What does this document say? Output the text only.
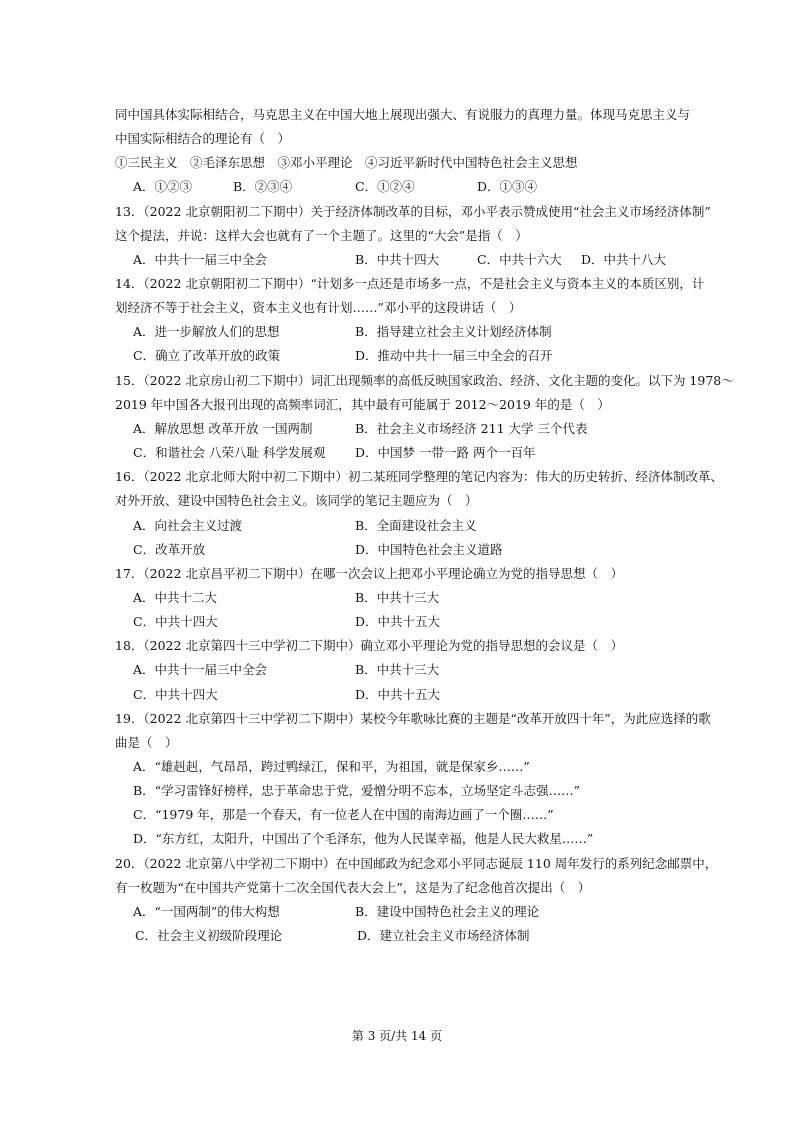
同中国具体实际相结合，马克思主义在中国大地上展现出强大、有说服力的真理力量。体现马克思主义与
中国实际相结合的理论有（　）
①三民主义　②毛泽东思想　③邓小平理论　④习近平新时代中国特色社会主义思想
A．①②③	B．②③④	C．①②④	D．①③④
13．（2022 北京朝阳初二下期中）关于经济体制改革的目标，邓小平表示赞成使用“社会主义市场经济体制”
这个提法，并说：这样大会也就有了一个主题了。这里的“大会”是指（　）
A．中共十一届三中全会	B．中共十四大	C．中共十六大 D．中共十八大
14．（2022 北京朝阳初二下期中）“计划多一点还是市场多一点，不是社会主义与资本主义的本质区别，计
划经济不等于社会主义，资本主义也有计划……”邓小平的这段讲话（　）
A．进一步解放人们的思想	B．指导建立社会主义计划经济体制
C．确立了改革开放的政策	D．推动中共十一届三中全会的召开
15．（2022 北京房山初二下期中）词汇出现频率的高低反映国家政治、经济、文化主题的变化。以下为 1978～
2019 年中国各大报刊出现的高频率词汇，其中最有可能属于 2012～2019 年的是（　）
A．解放思想 改革开放 一国两制	B．社会主义市场经济 211 大学 三个代表
C．和谐社会 八荣八耻 科学发展观 D．中国梦 一带一路 两个一百年
16．（2022 北京北师大附中初二下期中）初二某班同学整理的笔记内容为：伟大的历史转折、经济体制改革、
对外开放、建设中国特色社会主义。该同学的笔记主题应为（　）
A．向社会主义过渡	B．全面建设社会主义
C．改革开放	D．中国特色社会主义道路
17．（2022 北京昌平初二下期中）在哪一次会议上把邓小平理论确立为党的指导思想（　）
A．中共十二大	B．中共十三大
C．中共十四大	D．中共十五大
18．（2022 北京第四十三中学初二下期中）确立邓小平理论为党的指导思想的会议是（　）
A．中共十一届三中全会	B．中共十三大
C．中共十四大	D．中共十五大
19．（2022 北京第四十三中学初二下期中）某校今年歌咏比赛的主题是“改革开放四十年”，为此应选择的歌
曲是（　）
A．“雄赳赳，气昂昂，跨过鸭绿江，保和平，为祖国，就是保家乡……”
B．“学习雷锋好榜样，忠于革命忠于党，爱憎分明不忘本，立场坚定斗志强……”
C．“1979 年，那是一个春天，有一位老人在中国的南海边画了一个圈……”
D．“东方红，太阳升，中国出了个毛泽东，他为人民谋幸福，他是人民大救星……”
20．（2022 北京第八中学初二下期中）在中国邮政为纪念邓小平同志诞辰 110 周年发行的系列纪念邮票中，
有一枚题为“在中国共产党第十二次全国代表大会上”，这是为了纪念他首次提出（　）
A．“一国两制”的伟大构想	B．建设中国特色社会主义的理论
C．社会主义初级阶段理论	D．建立社会主义市场经济体制
第 3 页/共 14 页
